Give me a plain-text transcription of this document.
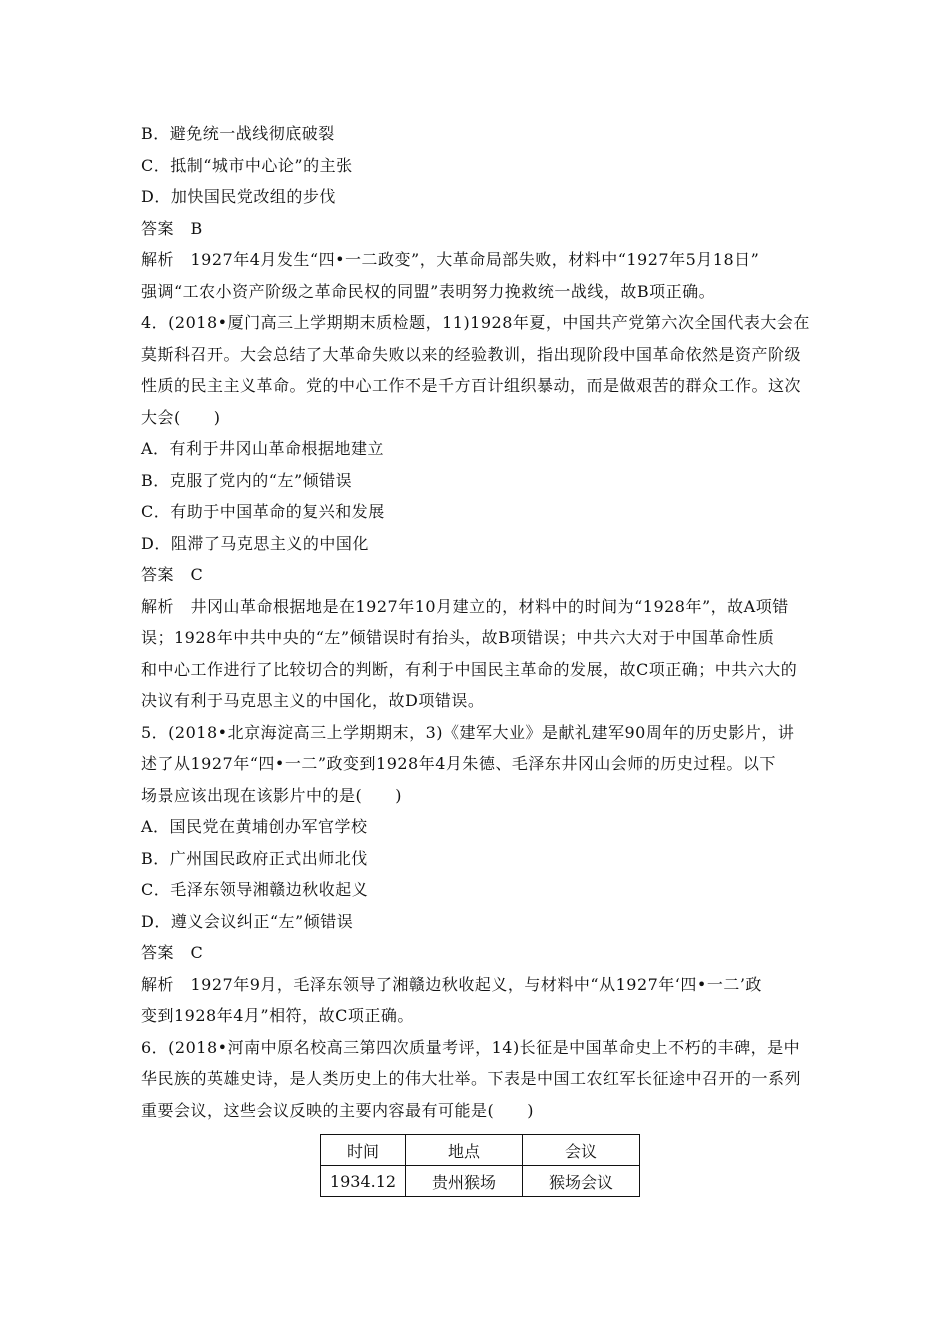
B．避免统一战线彻底破裂
C．抵制“城市中心论”的主张
D．加快国民党改组的步伐
答案　B
解析　1927年4月发生“四•一二政变”，大革命局部失败，材料中“1927年5月18日”
强调“工农小资产阶级之革命民权的同盟”表明努力挽救统一战线，故B项正确。
4．(2018•厦门高三上学期期末质检题，11)1928年夏，中国共产党第六次全国代表大会在
莫斯科召开。大会总结了大革命失败以来的经验教训，指出现阶段中国革命依然是资产阶级
性质的民主主义革命。党的中心工作不是千方百计组织暴动，而是做艰苦的群众工作。这次
大会(　　)
A．有利于井冈山革命根据地建立
B．克服了党内的“左”倾错误
C．有助于中国革命的复兴和发展
D．阻滞了马克思主义的中国化
答案　C
解析　井冈山革命根据地是在1927年10月建立的，材料中的时间为“1928年”，故A项错
误；1928年中共中央的“左”倾错误时有抬头，故B项错误；中共六大对于中国革命性质
和中心工作进行了比较切合的判断，有利于中国民主革命的发展，故C项正确；中共六大的
决议有利于马克思主义的中国化，故D项错误。
5．(2018•北京海淀高三上学期期末，3)《建军大业》是献礼建军90周年的历史影片，讲
述了从1927年“四•一二”政变到1928年4月朱德、毛泽东井冈山会师的历史过程。以下
场景应该出现在该影片中的是(　　)
A．国民党在黄埔创办军官学校
B．广州国民政府正式出师北伐
C．毛泽东领导湘赣边秋收起义
D．遵义会议纠正“左”倾错误
答案　C
解析　1927年9月，毛泽东领导了湘赣边秋收起义，与材料中“从1927年‘四•一二’政
变到1928年4月”相符，故C项正确。
6．(2018•河南中原名校高三第四次质量考评，14)长征是中国革命史上不朽的丰碑，是中
华民族的英雄史诗，是人类历史上的伟大壮举。下表是中国工农红军长征途中召开的一系列
重要会议，这些会议反映的主要内容最有可能是(　　)
时间	地点	会议
1934.12	贵州猴场	猴场会议
